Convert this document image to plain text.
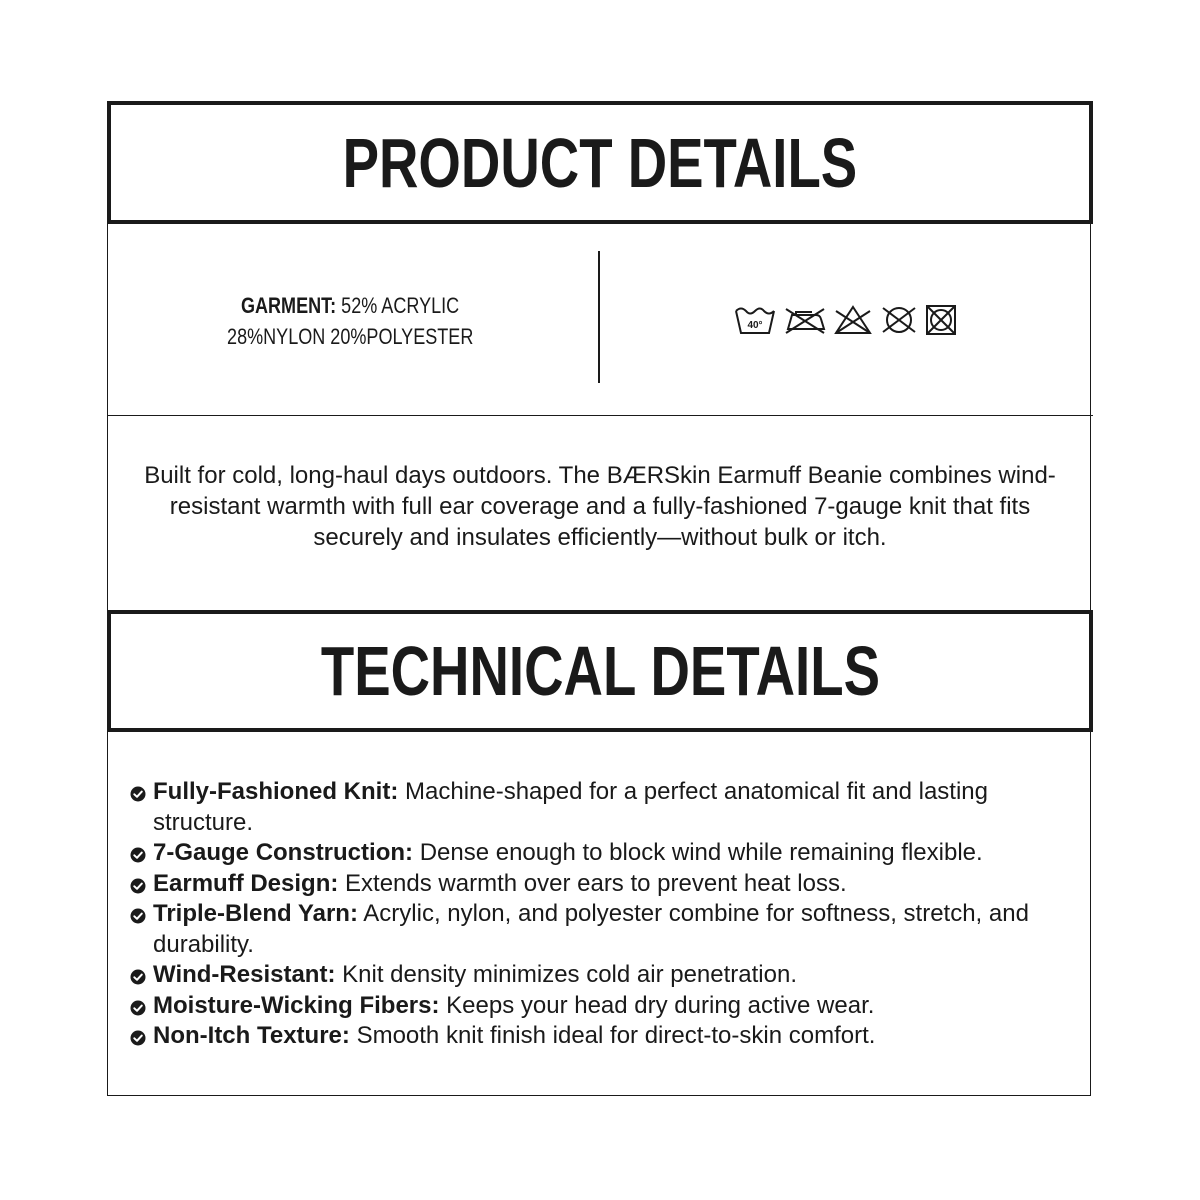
PRODUCT DETAILS
GARMENT: 52% ACRYLIC
28%NYLON 20%POLYESTER	40°

Built for cold, long-haul days outdoors. The BÆRSkin Earmuff Beanie combines wind-resistant warmth with full ear coverage and a fully-fashioned 7-gauge knit that fits securely and insulates efficiently—without bulk or itch.

TECHNICAL DETAILS
Fully-Fashioned Knit: Machine-shaped for a perfect anatomical fit and lasting structure.
7-Gauge Construction: Dense enough to block wind while remaining flexible.
Earmuff Design: Extends warmth over ears to prevent heat loss.
Triple-Blend Yarn: Acrylic, nylon, and polyester combine for softness, stretch, and durability.
Wind-Resistant: Knit density minimizes cold air penetration.
Moisture-Wicking Fibers: Keeps your head dry during active wear.
Non-Itch Texture: Smooth knit finish ideal for direct-to-skin comfort.
